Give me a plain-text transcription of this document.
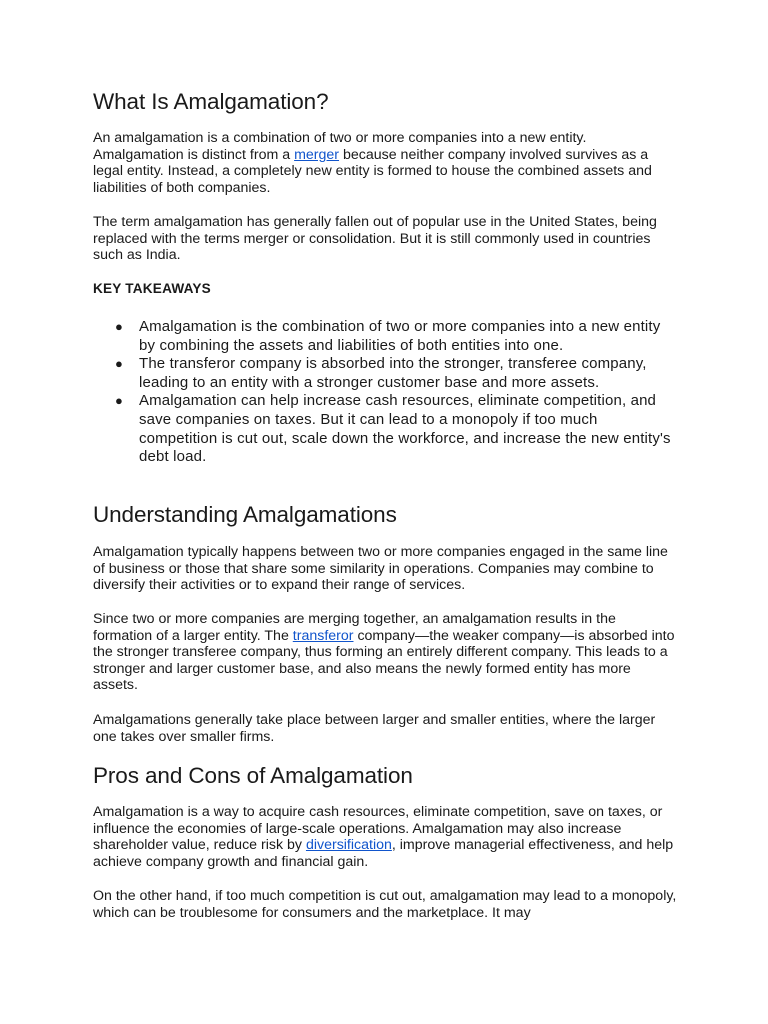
What Is Amalgamation?

An amalgamation is a combination of two or more companies into a new entity. Amalgamation is distinct from a merger because neither company involved survives as a legal entity. Instead, a completely new entity is formed to house the combined assets and liabilities of both companies.

The term amalgamation has generally fallen out of popular use in the United States, being replaced with the terms merger or consolidation. But it is still commonly used in countries such as India.

KEY TAKEAWAYS
● Amalgamation is the combination of two or more companies into a new entity by combining the assets and liabilities of both entities into one.
● The transferor company is absorbed into the stronger, transferee company, leading to an entity with a stronger customer base and more assets.
● Amalgamation can help increase cash resources, eliminate competition, and save companies on taxes. But it can lead to a monopoly if too much competition is cut out, scale down the workforce, and increase the new entity's debt load.
Understanding Amalgamations

Amalgamation typically happens between two or more companies engaged in the same line of business or those that share some similarity in operations. Companies may combine to diversify their activities or to expand their range of services.

Since two or more companies are merging together, an amalgamation results in the formation of a larger entity. The transferor company—the weaker company—is absorbed into the stronger transferee company, thus forming an entirely different company. This leads to a stronger and larger customer base, and also means the newly formed entity has more assets.

Amalgamations generally take place between larger and smaller entities, where the larger one takes over smaller firms.

Pros and Cons of Amalgamation

Amalgamation is a way to acquire cash resources, eliminate competition, save on taxes, or influence the economies of large-scale operations. Amalgamation may also increase shareholder value, reduce risk by diversification, improve managerial effectiveness, and help achieve company growth and financial gain.

On the other hand, if too much competition is cut out, amalgamation may lead to a monopoly, which can be troublesome for consumers and the marketplace. It may
